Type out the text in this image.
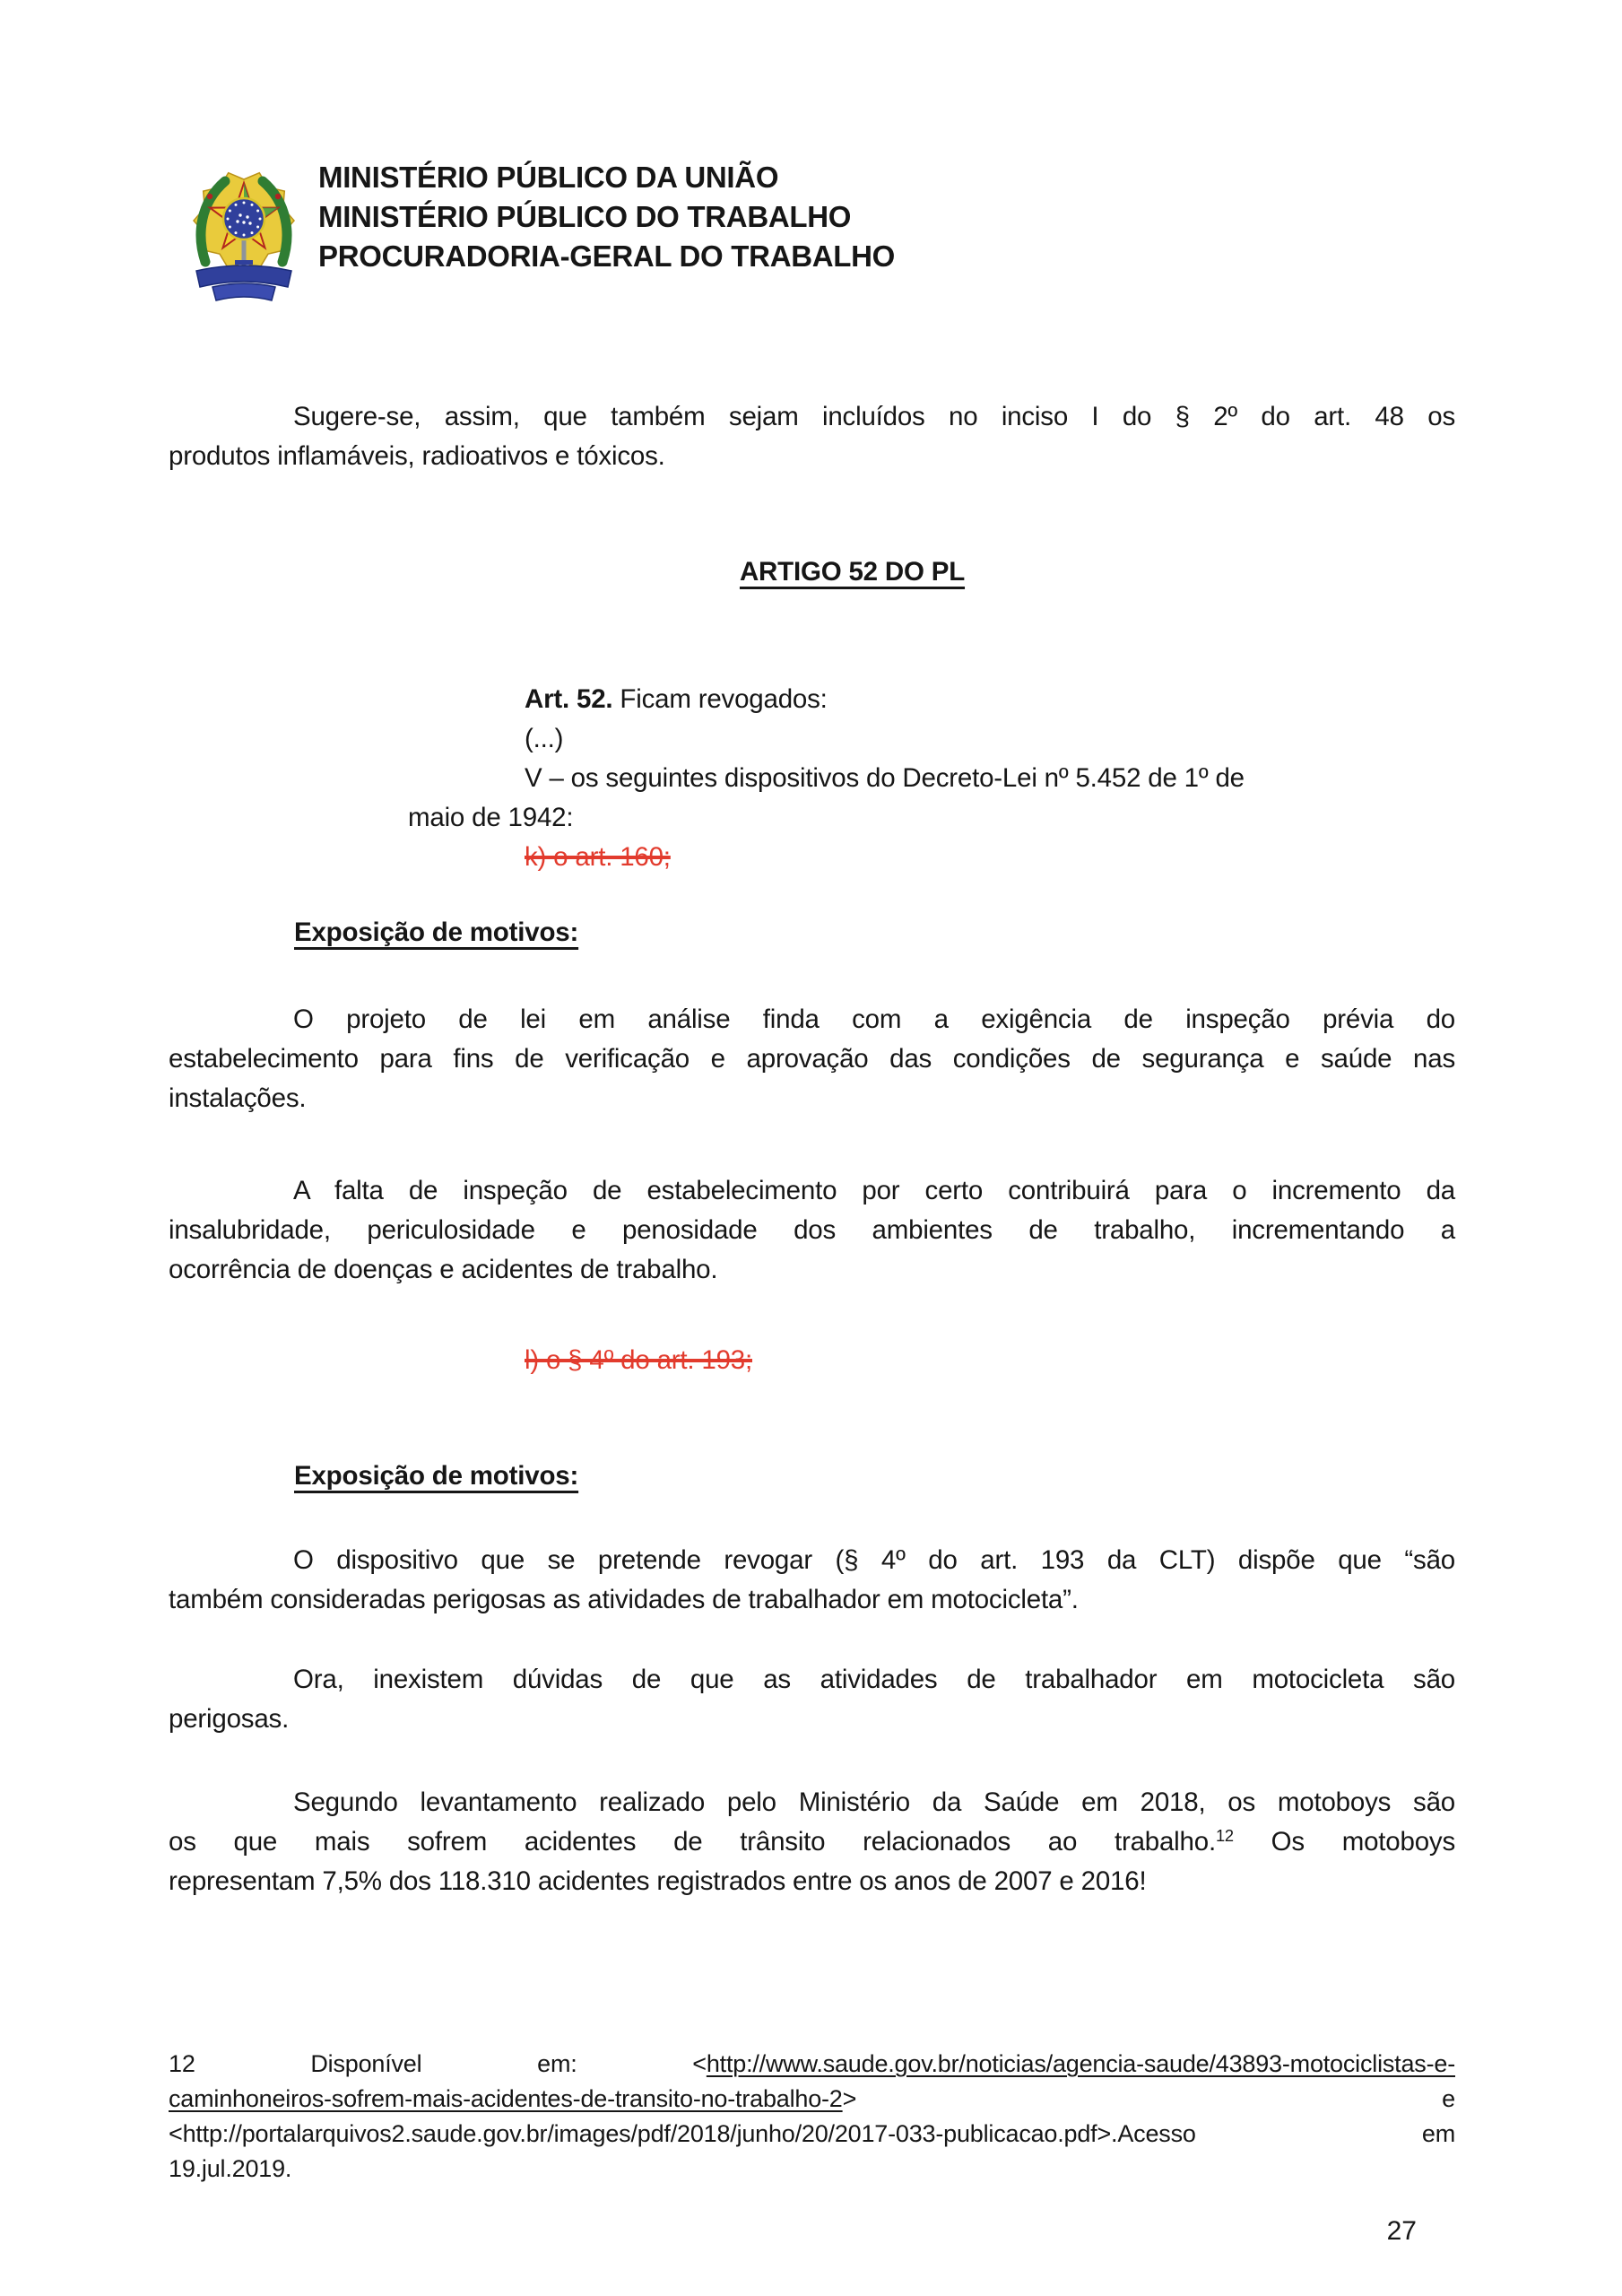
MINISTÉRIO PÚBLICO DA UNIÃO
MINISTÉRIO PÚBLICO DO TRABALHO
PROCURADORIA-GERAL DO TRABALHO
Sugere-se, assim, que também sejam incluídos no inciso I do § 2º do art. 48 os
produtos inflamáveis, radioativos e tóxicos.
ARTIGO 52 DO PL
Art. 52. Ficam revogados:
(...)
V – os seguintes dispositivos do Decreto-Lei nº 5.452 de 1º de
maio de 1942:
k) o art. 160;
Exposição de motivos:
O projeto de lei em análise finda com a exigência de inspeção prévia do
estabelecimento para fins de verificação e aprovação das condições de segurança e saúde nas
instalações.
A falta de inspeção de estabelecimento por certo contribuirá para o incremento da
insalubridade, periculosidade e penosidade dos ambientes de trabalho, incrementando a
ocorrência de doenças e acidentes de trabalho.
l) o § 4º do art. 193;
Exposição de motivos:
O dispositivo que se pretende revogar (§ 4º do art. 193 da CLT) dispõe que “são
também consideradas perigosas as atividades de trabalhador em motocicleta”.
Ora, inexistem dúvidas de que as atividades de trabalhador em motocicleta são
perigosas.
Segundo levantamento realizado pelo Ministério da Saúde em 2018, os motoboys são
os que mais sofrem acidentes de trânsito relacionados ao trabalho.$^{12}$ Os motoboys
representam 7,5% dos 118.310 acidentes registrados entre os anos de 2007 e 2016!
12	Disponível em:	<http://www.saude.gov.br/noticias/agencia-saude/43893-motociclistas-e-
caminhoneiros-sofrem-mais-acidentes-de-transito-no-trabalho-2>	e
<http://portalarquivos2.saude.gov.br/images/pdf/2018/junho/20/2017-033-publicacao.pdf>.Acesso em
19.jul.2019.
27
